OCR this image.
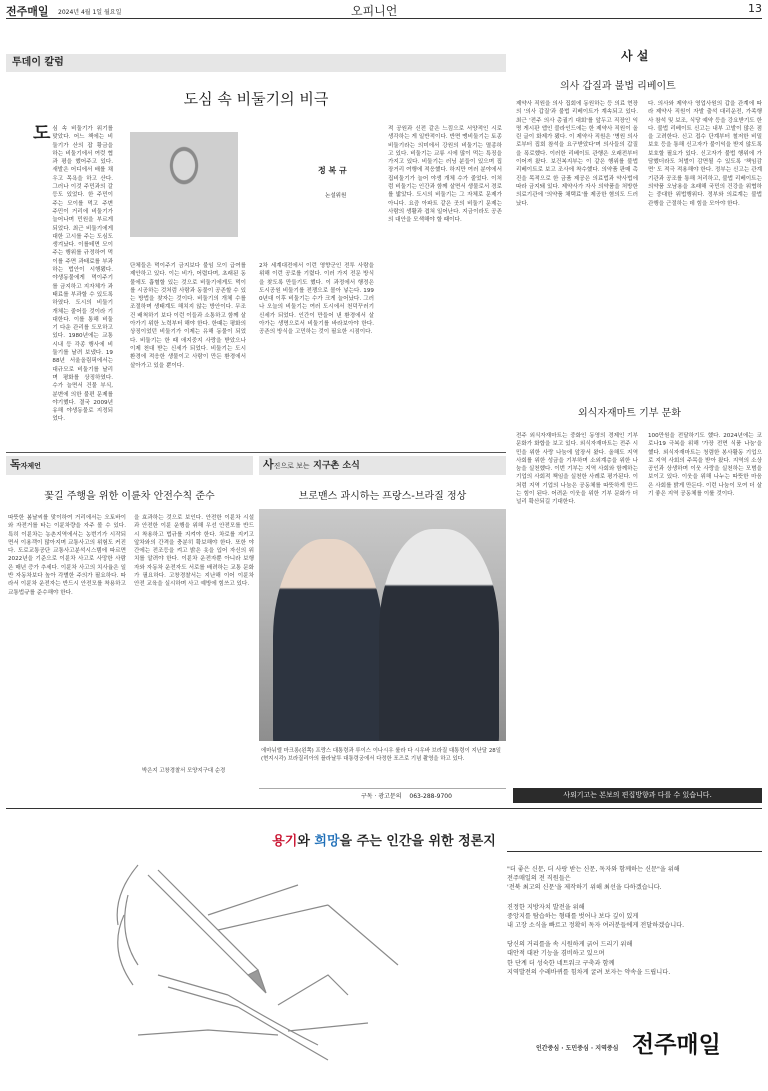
전주매일 2024년 4월 1일 월요일	오피니언	13
투데이 칼럼
도심 속 비둘기의 비극
도 심 속 비둘기가 위기를 맞았다. 어느 책에는 비둘기가 산의 잡 황금을 하는 비둘기에서 여럿 협과 평을 했어주고 있다. 새발은 어디에서 배를 채우고 목욕을 하고 산다. 그러나 이것 주민과의 갈등도 있었다. 한 주민이 주는 모이를 먹고 주변 주민이 거리에 비둘기가 늘어나며 민원을 부르게 되었다. 최근 비둘기에게 대한 고시를 주는 도심도 생겨났다. 이를테면 모이 주는 행위를 규정하여 먹이를 주면 과태료를 부과하는 법안이 시행됐다. 야생동물에게 먹이주기를 금지하고 지자체가 과태료를 부과할 수 있도록 하였다. 도시의 비둘기 개체는 줄어들 것이라 기대한다. 이를 통해 비둘기 다운 관리를 도모하고 있다. 1980년에는 교통 시내 등 각종 행사에 비둘기를 날려 보냈다. 1988년 서울올림픽에서는 대규모로 비둘기를 날리며 평화를 상징하였다. 수가 늘면서 건물 부식, 분변에 의한 불편 문제를 야기했다. 결국 2009년 유해 야생동물로 지정되었다.
정 복 규
논설위원
단체들은 먹이주기 금지보다 불임 모이 급여를 제안하고 있다. 이는 비가, 어렵다며, 초래된 동물에도 흡혈할 있는 것으로 비둘기에게도 먹이를 시공하는 것처럼 사람과 동물이 공존할 수 있는 방법을 찾자는 것이다. 비둘기의 개체 수를 조절하며 생태계도 해치지 않는 방안이다. 무조건 배척하기 보다 이런 이들과 소통하고 함께 살아가기 위한 노력부터 해야 한다. 한때는 평화의 상징이었던 비둘기가 이제는 유해 동물이 되었다. 비둘기는 한 때 애지중지 사랑을 받았으나 이제 천대 받는 신세가 되었다. 비둘기는 도시 환경에 적응한 생물이고 사람이 만든 환경에서 살아가고 있을 뿐이다.
2차 세계대전에서 이런 영향군인 전투 사람을 위해 이런 공로를 기렸다. 이러 가지 전문 방식을 찾도록 만들기도 했다. 이 과정에서 행정은 도시공원 비둘기를 전쟁으로 몰아 넣는다. 1990년대 이후 비둘기는 수가 크게 늘어났다. 그러나 오늘의 비둘기는 여러 도시에서 천덕꾸러기 신세가 되었다. 인간이 만들어 낸 환경에서 살아가는 생명으로서 비둘기를 바라보아야 한다. 공존의 방식을 고민하는 것이 필요한 시점이다.
적 공원과 신전 같은 느낌으로 서양적인 시로 생각하는 게 일반적이다. 반면 맹비둘기는 토종 비둘기라는 의미에서 강원의 비둘기는 멸종하고 있다. 비둘기는 교류 시에 많이 먹는 특징을 가지고 있다. 비둘기는 러닝 분들이 있으며 집 장거리 여행에 적응했다. 하지만 여러 분야에서 집비둘기가 늘어 야생 개체 수가 줄었다. 이처럼 비둘기는 인간과 함께 살면서 생물로서 경로를 밟았다. 도시의 비둘기는 그 자체로 문제가 아니다. 요즘 아파트 같은 곳의 비둘기 문제는 사람의 생활과 겹쳐 일어난다. 지금이라도 공존의 대안을 모색해야 할 때이다.
사 설
의사 갑질과 불법 리베이트
제약사 직원을 의사 집회에 동원하는 등 의료 현장의 '의사 갑질'과 불법 리베이트가 계속되고 있다. 최근 '전주 의사 총궐기 대회'를 앞두고 직장인 익명 게시판 앱인 블라인드에는 한 제약사 직원이 올린 글이 화제가 됐다. 이 제약사 직원은 '병원 의사로부터 집회 참석을 요구받았다'며 의사들의 갑질을 폭로했다. 이러한 리베이트 관행은 오래전부터 이어져 왔다. 보건복지부는 이 같은 행위를 불법 리베이트로 보고 조사에 착수했다. 의약품 판매 촉진을 목적으로 한 금품 제공은 의료법과 약사법에 따라 금지돼 있다. 제약사가 자사 의약품을 처방한 의료기관에 '의약품 채택료'를 제공한 혐의도 드러났다.
다. 의사와 제약사 영업사원의 갑을 관계에 따라 제약사 직원이 자발 출석 대리운전, 가족행사 참석 및 보조, 식당 예약 등을 강요받기도 한다. 불법 리베이트 신고는 내부 고발이 많은 점을 고려한다. 신고 접수 단계부터 철저한 비밀보호 등을 통해 신고자가 불이익을 받지 않도록 보호할 필요가 있다. 신고자가 불법 행위에 가담했더라도 처벌이 감면될 수 있도록 '책임감면' 도 적극 적용해야 한다. 정부는 신고는 관계기관과 공조를 통해 처리하고, 불법 리베이트는 의약품 오남용을 초래해 국민의 건강을 위협하는 중대한 위법행위다. 정부와 의료계는 불법 관행을 근절하는 데 힘을 모아야 한다.
외식자재마트 기부 문화
전주 외식자재마트는 중화인 동영의 경제인 기부 문화가 화합을 보고 있다. 외식자재마트는 전주 시민을 위한 사랑 나눔에 앞장서 왔다. 올해도 지역 사회를 위한 성금을 기부하며 소외계층을 위한 나눔을 실천했다. 이번 기부는 지역 사회와 함께하는 기업의 사회적 책임을 실천한 사례로 평가된다. 이처럼 지역 기업의 나눔은 공동체를 따뜻하게 만드는 힘이 된다. 어려운 이웃을 위한 기부 문화가 더 널리 확산되길 기대한다.
100만원을 전달하기도 했다. 2024년에는 코로나19 극복을 위해 '가장 전면 식품 나눔'을 했다. 외식자재마트는 청렴한 봉사활동 기업으로 지역 사회의 주목을 받아 왔다. 지역의 소상공인과 상생하며 이웃 사랑을 실천하는 모범을 보이고 있다. 이웃을 위해 나누는 따뜻한 마음은 사회를 밝게 만든다. 이런 나눔이 모여 더 살기 좋은 지역 공동체를 이룰 것이다.
독자제언
꽃길 주행을 위한 이륜차 안전수칙 준수
따뜻한 봄날씨를 맞이하여 거리에서는 오토바이와 자전거를 타는 이륜차량을 자주 볼 수 있다. 특히 이륜차는 농촌지역에서는 농번기가 시작되면서 이용객이 많아지며 교통사고의 위험도 커진다. 도로교통공단 교통사고분석시스템에 따르면 2022년을 기준으로 이륜차 사고로 사망한 사람은 매년 증가 추세다. 이륜차 사고의 치사율은 일반 자동차보다 높아 각별한 주의가 필요하다. 따라서 이륜차 운전자는 반드시 안전모를 착용하고 교통법규를 준수해야 한다.
을 효과하는 것으로 보인다. 안전한 이륜차 시설과 안전한 이륜 운행을 위해 우선 안전모를 반드시 착용하고 법규를 지켜야 한다. 차로를 지키고 앞차와의 간격을 충분히 확보해야 한다. 또한 야간에는 전조등을 켜고 밝은 옷을 입어 자신의 위치를 알려야 한다. 이륜차 운전자뿐 아니라 보행자와 자동차 운전자도 서로를 배려하는 교통 문화가 필요하다. 고창경찰서는 지난해 이어 이륜차 안전 교육을 실시하며 사고 예방에 힘쓰고 있다.
박은지 고창경찰서 모양지구대 순경
사진으로 보는 지구촌 소식
브로맨스 과시하는 프랑스-브라질 정상
에마뉘엘 마크롱(왼쪽) 프랑스 대통령과 루이스 이나시우 룰라 다 시우바 브라질 대통령이 지난달 28일(현지시각) 브라질리아의 플라날투 대통령궁에서 다정한 포즈로 기념 촬영을 하고 있다.
구독 · 광고문의 063-288-9700	사외기고는 본보의 편집방향과 다를 수 있습니다.
용기와 희망을 주는 인간을 위한 정론지
"더 좋은 신문, 더 사랑 받는 신문, 독자와 함께하는 신문"을 위해
전주매일의 전 직원들은
'전북 최고의 신문'을 제작하기 위해 최선을 다하겠습니다.
진정한 지방자치 발전을 위해
중앙지를 탐습하는 형태를 벗어나 보다 깊이 있게
내 고장 소식을 빠르고 정확히 독자 여러분들에게 전달하겠습니다.
당신의 거리를을 속 시원하게 긁어 드리기 위해
대안적 대판 기능을 겸비하고 있으며
한 단계 더 성숙한 네트워크 구축과 함께
지역발전의 수레바퀴를 힘차게 굴려 보자는 약속을 드립니다.
인간중심 · 도민중심 · 지역중심 전주매일
